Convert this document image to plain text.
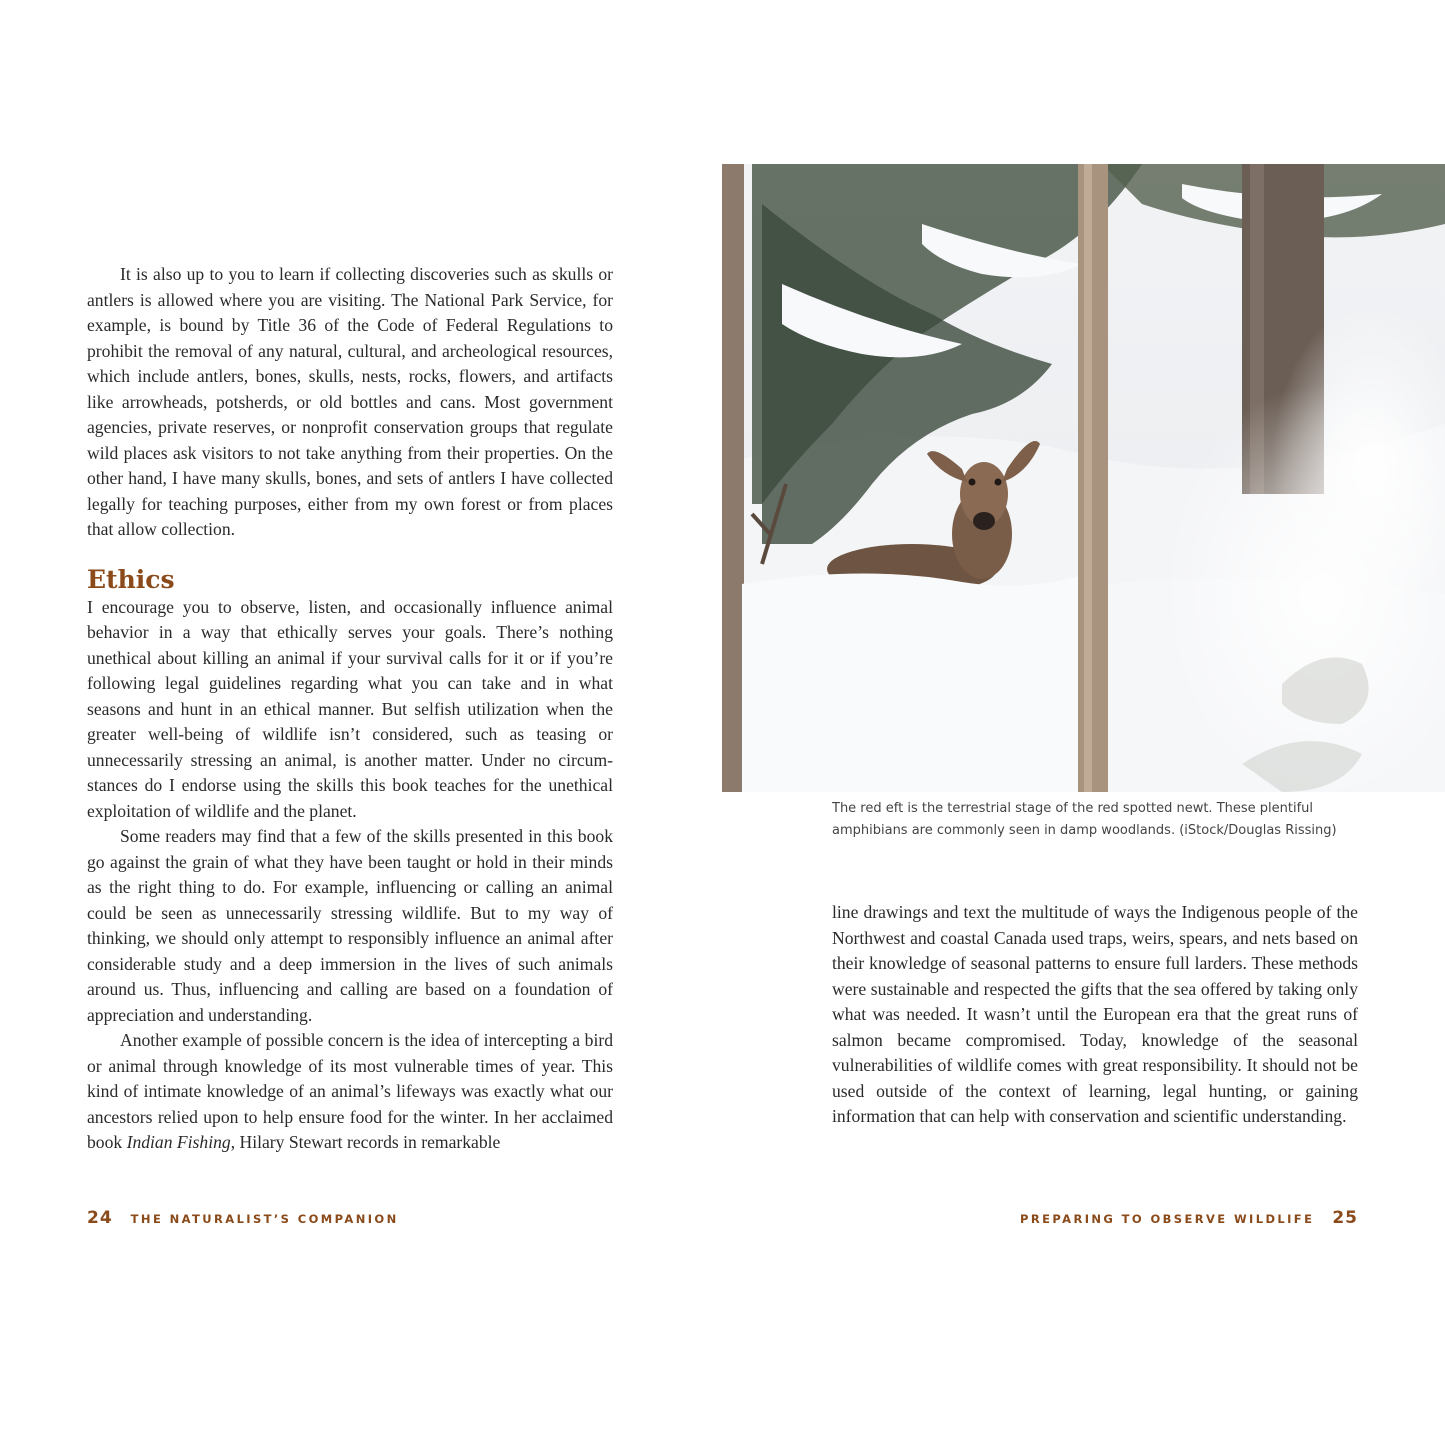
It is also up to you to learn if collecting discoveries such as skulls or antlers is allowed where you are visiting. The National Park Service, for example, is bound by Title 36 of the Code of Federal Regulations to prohibit the removal of any natural, cultural, and archeological resources, which include antlers, bones, skulls, nests, rocks, flowers, and artifacts like arrowheads, potsherds, or old bottles and cans. Most government agencies, private reserves, or nonprofit conservation groups that regulate wild places ask visitors to not take anything from their properties. On the other hand, I have many skulls, bones, and sets of antlers I have collected legally for teaching purposes, either from my own forest or from places that allow collection.

Ethics

I encourage you to observe, listen, and occasionally influence animal behavior in a way that ethically serves your goals. There’s nothing unethical about killing an animal if your survival calls for it or if you’re following legal guidelines regarding what you can take and in what seasons and hunt in an ethical manner. But selfish utilization when the greater well-being of wildlife isn’t considered, such as teasing or unnecessarily stressing an animal, is another matter. Under no circumstances do I endorse using the skills this book teaches for the unethical exploitation of wildlife and the planet.

Some readers may find that a few of the skills presented in this book go against the grain of what they have been taught or hold in their minds as the right thing to do. For example, influencing or calling an animal could be seen as unnecessarily stressing wildlife. But to my way of thinking, we should only attempt to responsibly influence an animal after considerable study and a deep immersion in the lives of such animals around us. Thus, influencing and calling are based on a foundation of appreciation and understanding.

Another example of possible concern is the idea of intercepting a bird or animal through knowledge of its most vulnerable times of year. This kind of intimate knowledge of an animal’s lifeways was exactly what our ancestors relied upon to help ensure food for the winter. In her acclaimed book Indian Fishing, Hilary Stewart records in remarkable

24 THE NATURALIST’S COMPANION
The red eft is the terrestrial stage of the red spotted newt. These plentiful amphibians are commonly seen in damp woodlands. (iStock/Douglas Rissing)

line drawings and text the multitude of ways the Indigenous people of the Northwest and coastal Canada used traps, weirs, spears, and nets based on their knowledge of seasonal patterns to ensure full larders. These methods were sustainable and respected the gifts that the sea offered by taking only what was needed. It wasn’t until the European era that the great runs of salmon became compromised. Today, knowledge of the seasonal vulnerabilities of wildlife comes with great responsibility. It should not be used outside of the context of learning, legal hunting, or gaining information that can help with conservation and scientific understanding.

PREPARING TO OBSERVE WILDLIFE 25
